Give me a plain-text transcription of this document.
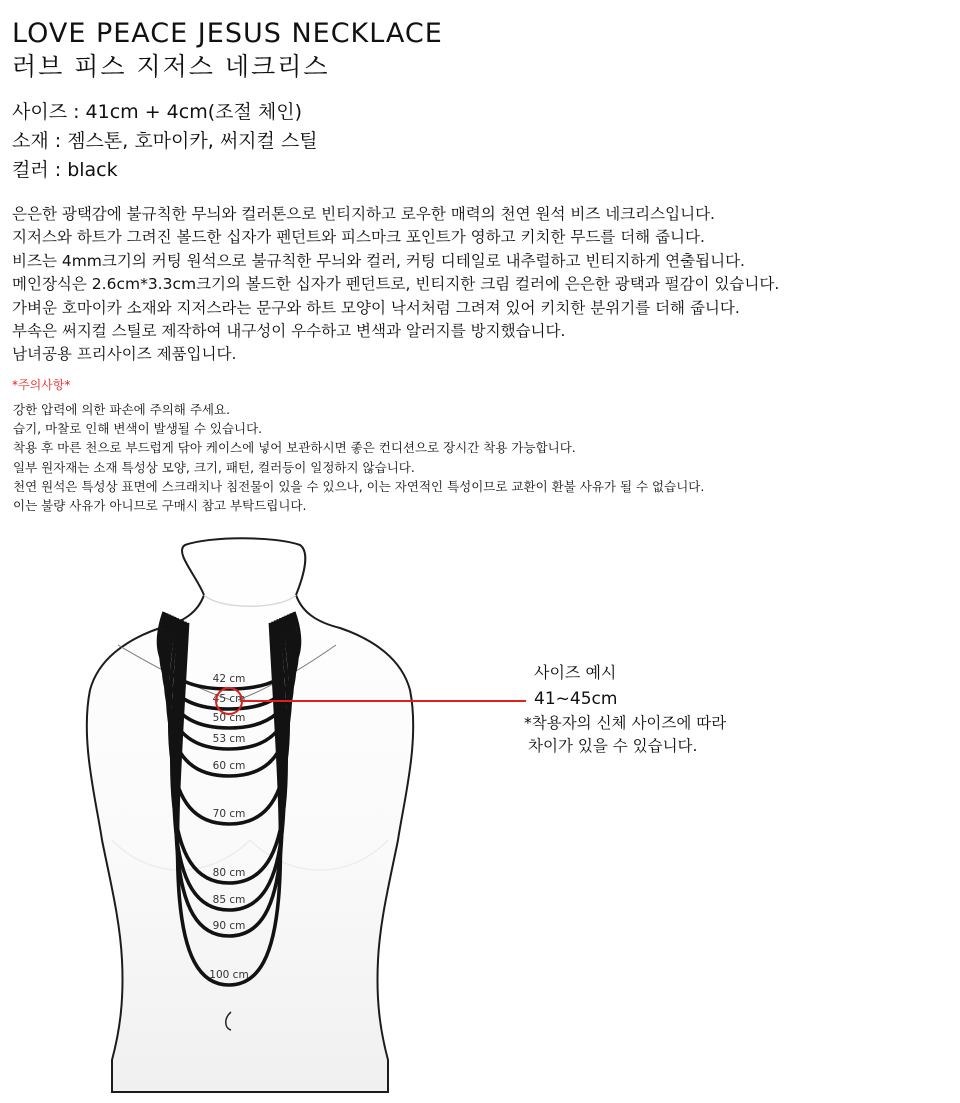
LOVE PEACE JESUS NECKLACE
러브 피스 지저스 네크리스
사이즈 : 41cm + 4cm(조절 체인)
소재 : 젬스톤, 호마이카, 써지컬 스틸
컬러 : black
은은한 광택감에 불규칙한 무늬와 컬러톤으로 빈티지하고 로우한 매력의 천연 원석 비즈 네크리스입니다.
지저스와 하트가 그려진 볼드한 십자가 펜던트와 피스마크 포인트가 영하고 키치한 무드를 더해 줍니다.
비즈는 4mm크기의 커팅 원석으로 불규칙한 무늬와 컬러, 커팅 디테일로 내추럴하고 빈티지하게 연출됩니다.
메인장식은 2.6cm*3.3cm크기의 볼드한 십자가 펜던트로, 빈티지한 크림 컬러에 은은한 광택과 펄감이 있습니다.
가벼운 호마이카 소재와 지저스라는 문구와 하트 모양이 낙서처럼 그려져 있어 키치한 분위기를 더해 줍니다.
부속은 써지컬 스틸로 제작하여 내구성이 우수하고 변색과 알러지를 방지했습니다.
남녀공용 프리사이즈 제품입니다.
*주의사항*
강한 압력에 의한 파손에 주의해 주세요.
습기, 마찰로 인해 변색이 발생될 수 있습니다.
착용 후 마른 천으로 부드럽게 닦아 케이스에 넣어 보관하시면 좋은 컨디션으로 장시간 착용 가능합니다.
일부 원자재는 소재 특성상 모양, 크기, 패턴, 컬러등이 일정하지 않습니다.
천연 원석은 특성상 표면에 스크래치나 침전물이 있을 수 있으나, 이는 자연적인 특성이므로 교환이 환불 사유가 될 수 없습니다.
이는 불량 사유가 아니므로 구매시 참고 부탁드립니다.
42 cm
45 cm
50 cm
53 cm
60 cm
70 cm
80 cm
85 cm
90 cm
100 cm
사이즈 예시
41~45cm
*착용자의 신체 사이즈에 따라
차이가 있을 수 있습니다.
